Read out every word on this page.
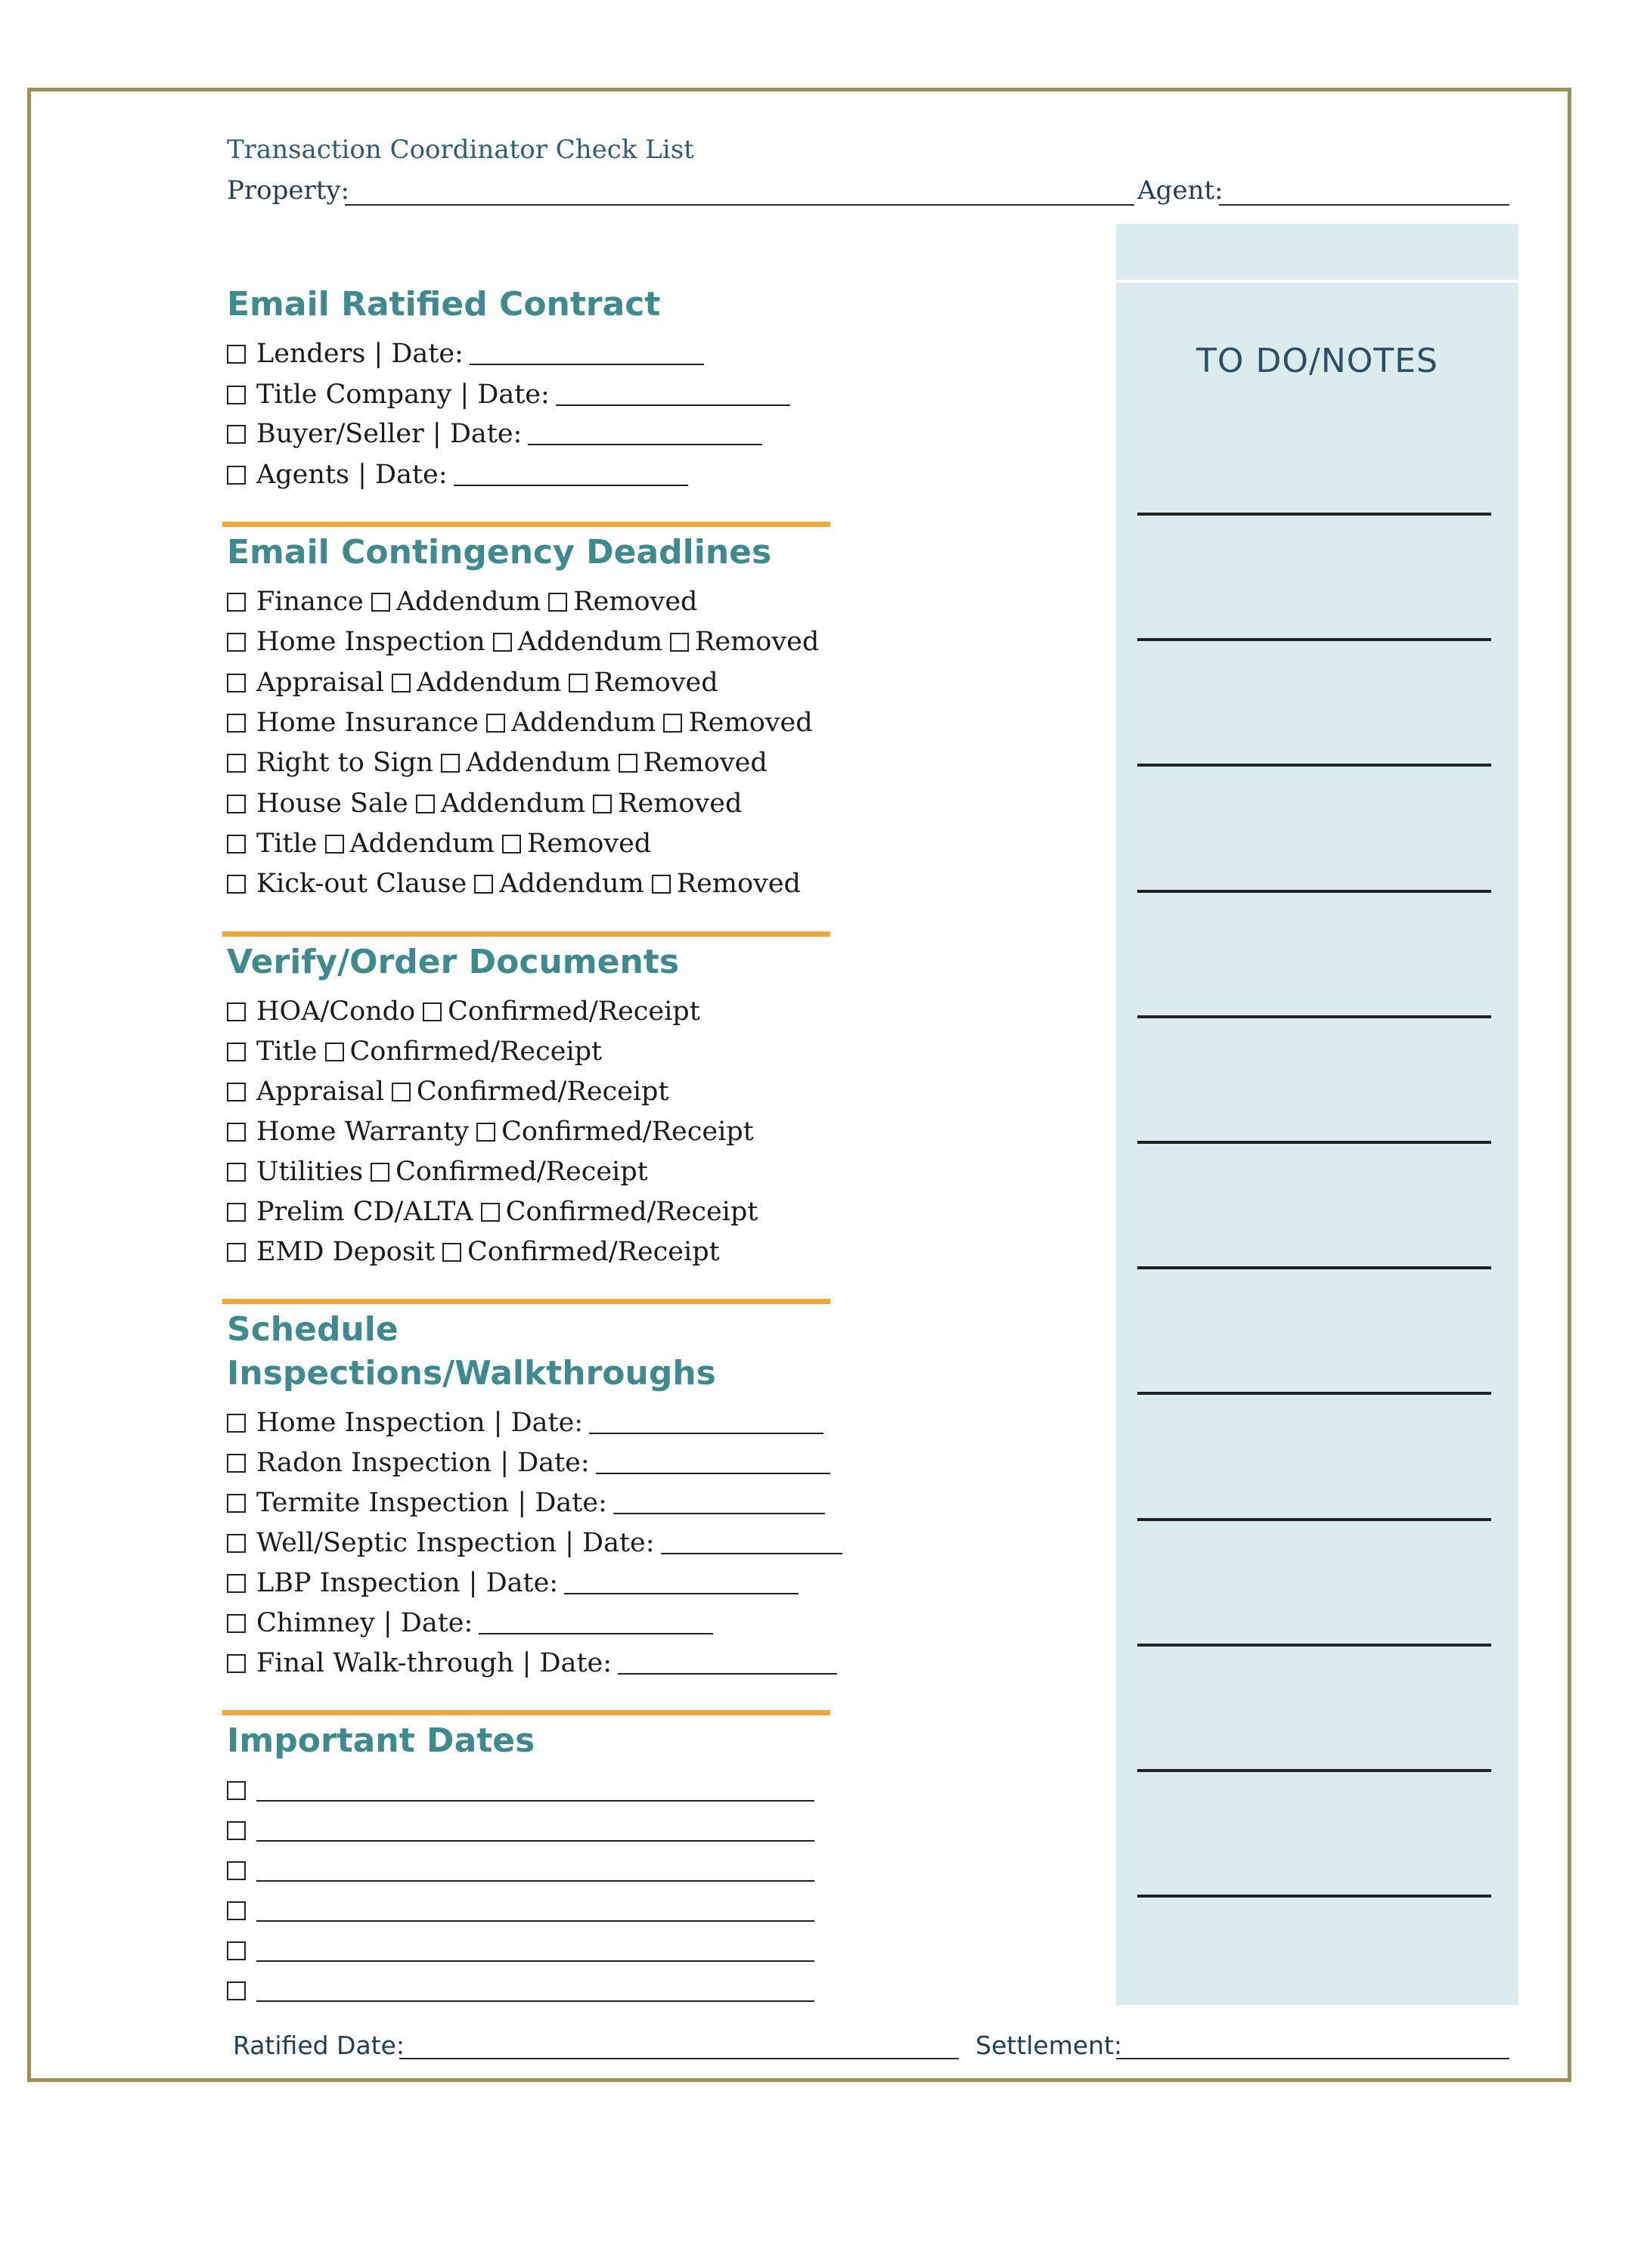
Transaction Coordinator Check List
Property:	Agent:
TO DO/NOTES
Email Ratified Contract
Lenders | Date:
Title Company | Date:
Buyer/Seller | Date:
Agents | Date:
Email Contingency Deadlines
Finance Addendum Removed
Home Inspection Addendum Removed
Appraisal Addendum Removed
Home Insurance Addendum Removed
Right to Sign Addendum Removed
House Sale Addendum Removed
Title Addendum Removed
Kick-out Clause Addendum Removed
Verify/Order Documents
HOA/Condo Confirmed/Receipt
Title Confirmed/Receipt
Appraisal Confirmed/Receipt
Home Warranty Confirmed/Receipt
Utilities Confirmed/Receipt
Prelim CD/ALTA Confirmed/Receipt
EMD Deposit Confirmed/Receipt
Schedule
Inspections/Walkthroughs
Home Inspection | Date:
Radon Inspection | Date:
Termite Inspection | Date:
Well/Septic Inspection | Date:
LBP Inspection | Date:
Chimney | Date:
Final Walk-through | Date:
Important Dates
Ratified Date:	Settlement:
